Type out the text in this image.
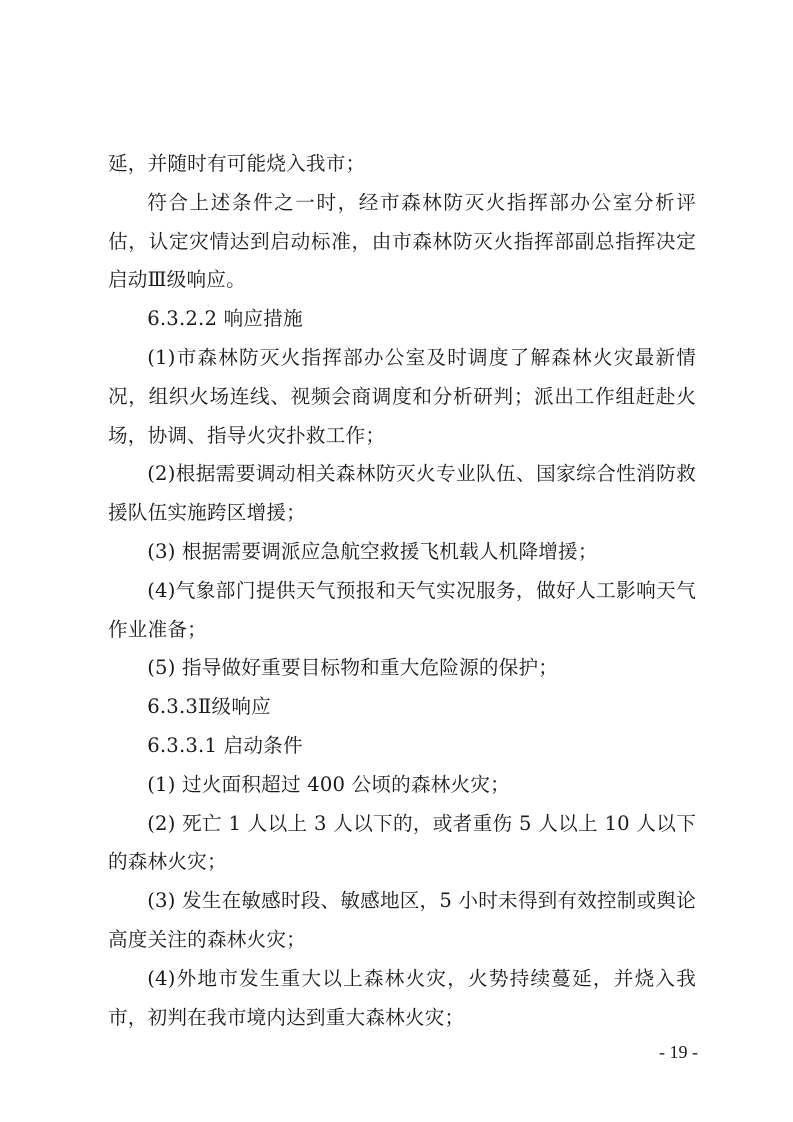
延，并随时有可能烧入我市；

符合上述条件之一时，经市森林防灭火指挥部办公室分析评估，认定灾情达到启动标准，由市森林防灭火指挥部副总指挥决定启动Ⅲ级响应。

6.3.2.2 响应措施

(1)市森林防灭火指挥部办公室及时调度了解森林火灾最新情况，组织火场连线、视频会商调度和分析研判；派出工作组赶赴火场，协调、指导火灾扑救工作；

(2)根据需要调动相关森林防灭火专业队伍、国家综合性消防救援队伍实施跨区增援；

(3) 根据需要调派应急航空救援飞机载人机降增援；

(4)气象部门提供天气预报和天气实况服务，做好人工影响天气作业准备；

(5) 指导做好重要目标物和重大危险源的保护；

6.3.3Ⅱ级响应

6.3.3.1 启动条件

(1) 过火面积超过 400 公顷的森林火灾；

(2) 死亡 1 人以上 3 人以下的，或者重伤 5 人以上 10 人以下的森林火灾；

(3) 发生在敏感时段、敏感地区，5 小时未得到有效控制或舆论高度关注的森林火灾；

(4)外地市发生重大以上森林火灾，火势持续蔓延，并烧入我市，初判在我市境内达到重大森林火灾；

- 19 -
